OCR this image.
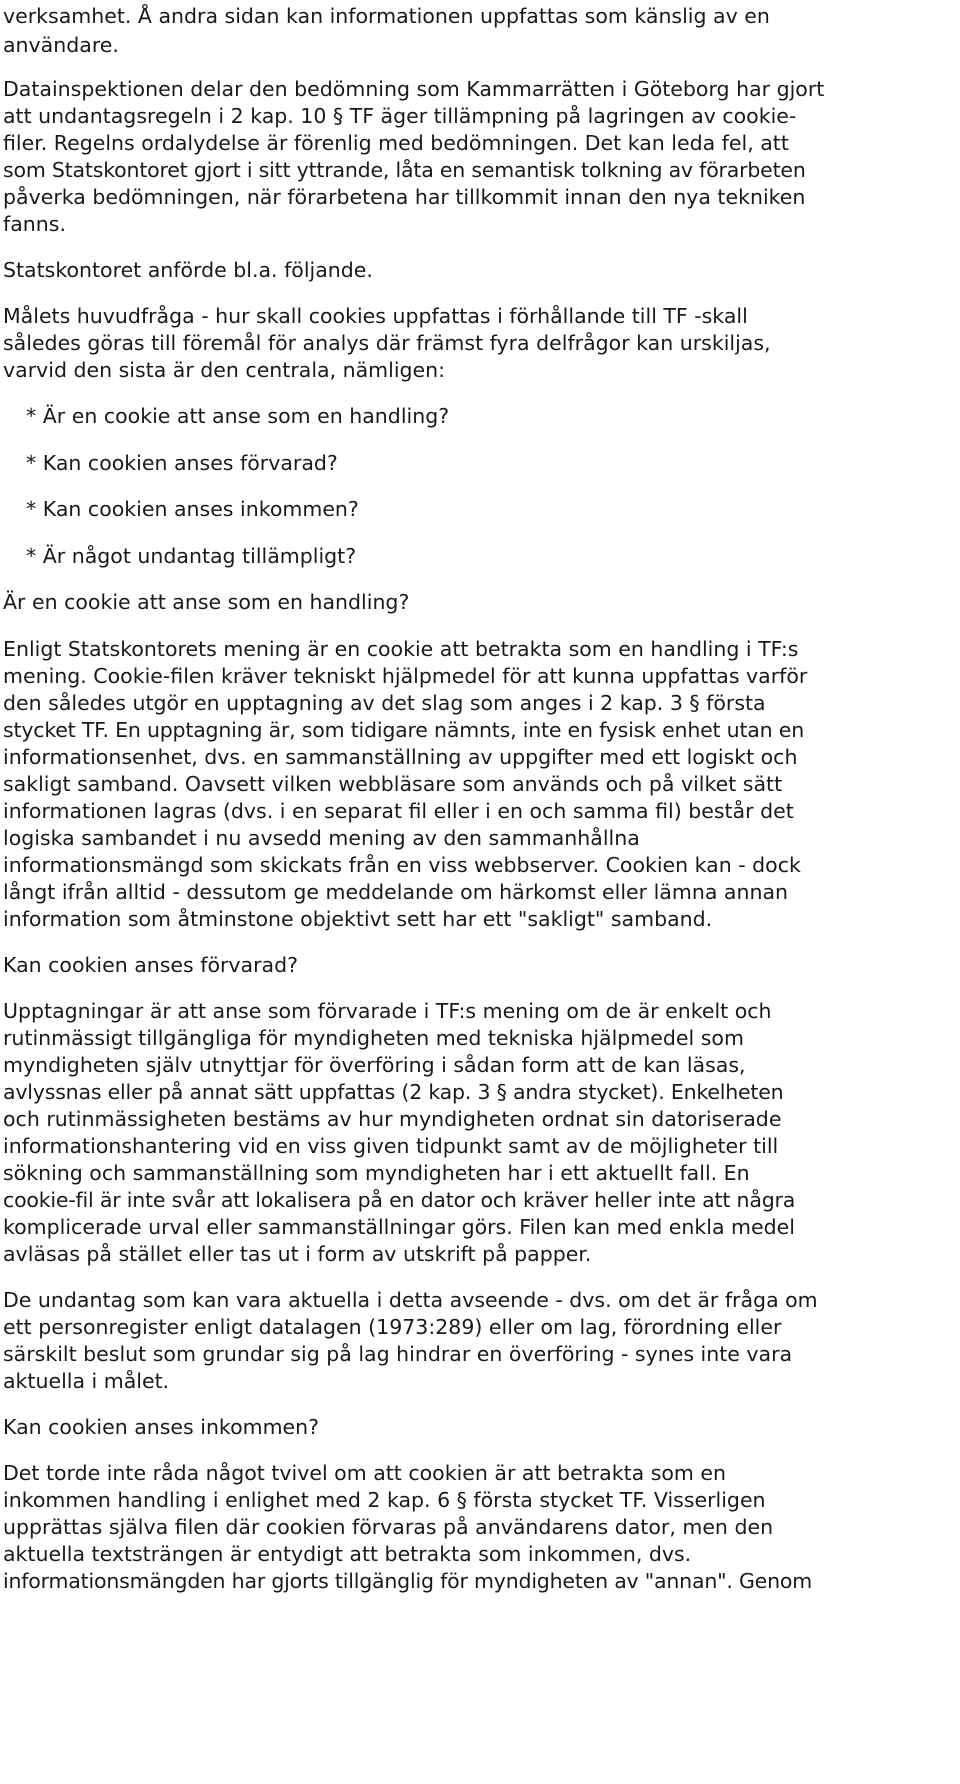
verksamhet. Å andra sidan kan informationen uppfattas som känslig av en
användare.
Datainspektionen delar den bedömning som Kammarrätten i Göteborg har gjort
att undantagsregeln i 2 kap. 10 § TF äger tillämpning på lagringen av cookie-
filer. Regelns ordalydelse är förenlig med bedömningen. Det kan leda fel, att
som Statskontoret gjort i sitt yttrande, låta en semantisk tolkning av förarbeten
påverka bedömningen, när förarbetena har tillkommit innan den nya tekniken
fanns.
Statskontoret anförde bl.a. följande.
Målets huvudfråga - hur skall cookies uppfattas i förhållande till TF -skall
således göras till föremål för analys där främst fyra delfrågor kan urskiljas,
varvid den sista är den centrala, nämligen:
* Är en cookie att anse som en handling?
* Kan cookien anses förvarad?
* Kan cookien anses inkommen?
* Är något undantag tillämpligt?
Är en cookie att anse som en handling?
Enligt Statskontorets mening är en cookie att betrakta som en handling i TF:s
mening. Cookie-filen kräver tekniskt hjälpmedel för att kunna uppfattas varför
den således utgör en upptagning av det slag som anges i 2 kap. 3 § första
stycket TF. En upptagning är, som tidigare nämnts, inte en fysisk enhet utan en
informationsenhet, dvs. en sammanställning av uppgifter med ett logiskt och
sakligt samband. Oavsett vilken webbläsare som används och på vilket sätt
informationen lagras (dvs. i en separat fil eller i en och samma fil) består det
logiska sambandet i nu avsedd mening av den sammanhållna
informationsmängd som skickats från en viss webbserver. Cookien kan - dock
långt ifrån alltid - dessutom ge meddelande om härkomst eller lämna annan
information som åtminstone objektivt sett har ett "sakligt" samband.
Kan cookien anses förvarad?
Upptagningar är att anse som förvarade i TF:s mening om de är enkelt och
rutinmässigt tillgängliga för myndigheten med tekniska hjälpmedel som
myndigheten själv utnyttjar för överföring i sådan form att de kan läsas,
avlyssnas eller på annat sätt uppfattas (2 kap. 3 § andra stycket). Enkelheten
och rutinmässigheten bestäms av hur myndigheten ordnat sin datoriserade
informationshantering vid en viss given tidpunkt samt av de möjligheter till
sökning och sammanställning som myndigheten har i ett aktuellt fall. En
cookie-fil är inte svår att lokalisera på en dator och kräver heller inte att några
komplicerade urval eller sammanställningar görs. Filen kan med enkla medel
avläsas på stället eller tas ut i form av utskrift på papper.
De undantag som kan vara aktuella i detta avseende - dvs. om det är fråga om
ett personregister enligt datalagen (1973:289) eller om lag, förordning eller
särskilt beslut som grundar sig på lag hindrar en överföring - synes inte vara
aktuella i målet.
Kan cookien anses inkommen?
Det torde inte råda något tvivel om att cookien är att betrakta som en
inkommen handling i enlighet med 2 kap. 6 § första stycket TF. Visserligen
upprättas själva filen där cookien förvaras på användarens dator, men den
aktuella textsträngen är entydigt att betrakta som inkommen, dvs.
informationsmängden har gjorts tillgänglig för myndigheten av "annan". Genom
